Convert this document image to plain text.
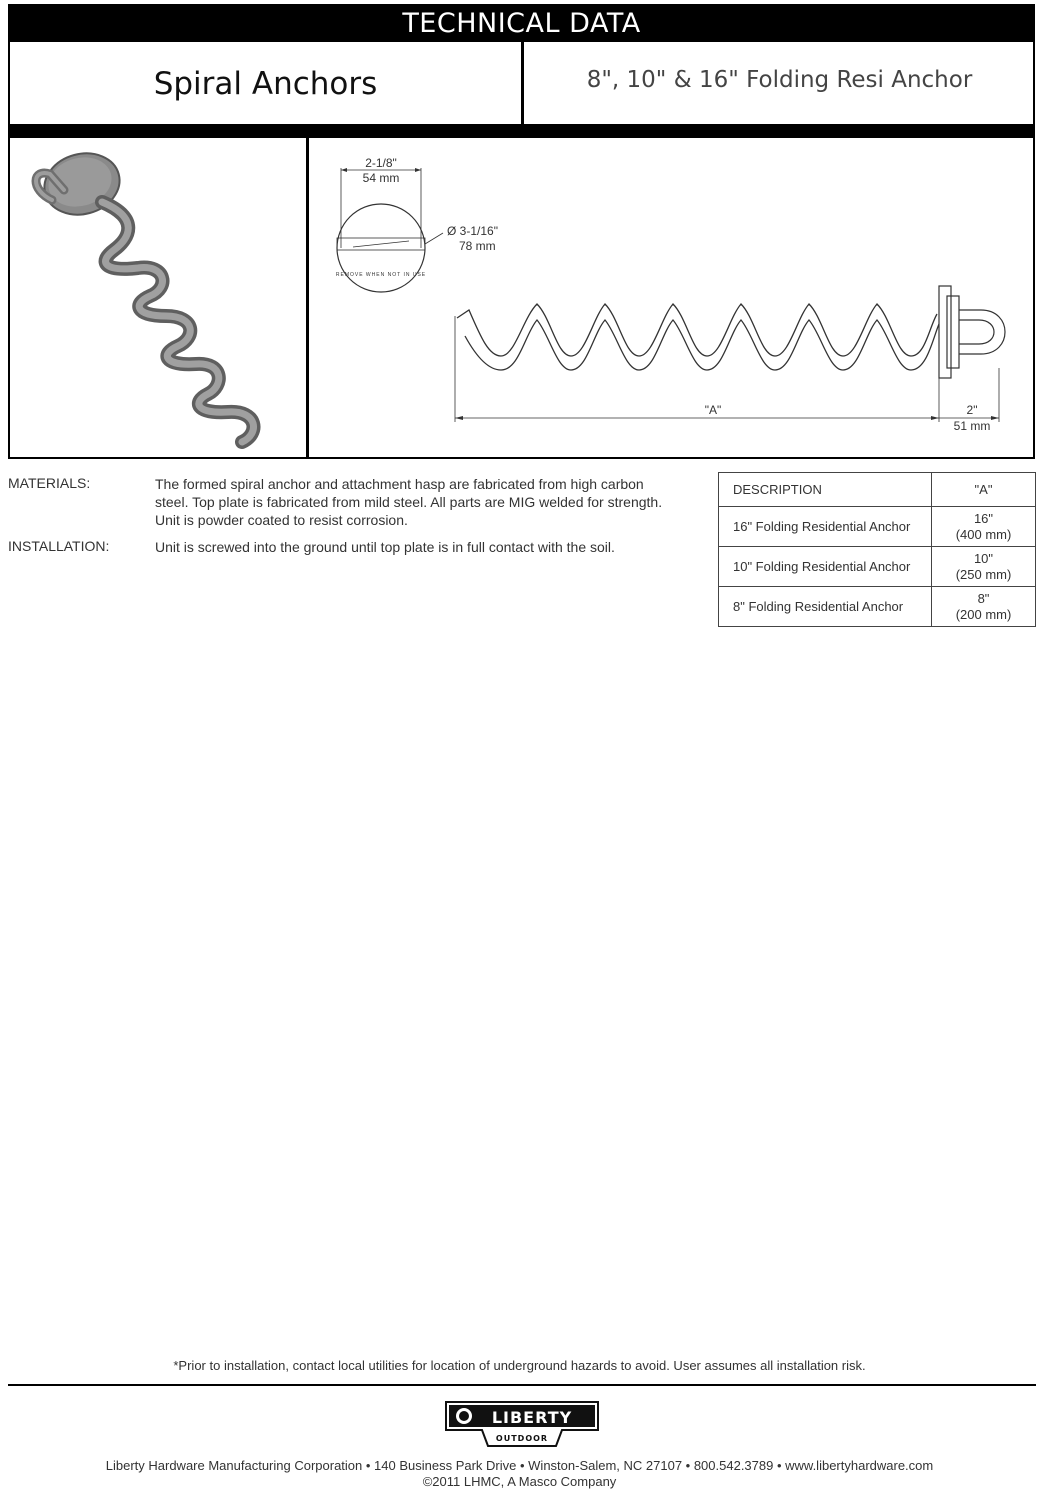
TECHNICAL DATA
Spiral Anchors	8", 10" & 16" Folding Resi Anchor
2-1/8"
54 mm
Ø 3-1/16"
78 mm
REMOVE WHEN NOT IN USE
"A"	2"
51 mm
MATERIALS:	The formed spiral anchor and attachment hasp are fabricated from high carbon
steel. Top plate is fabricated from mild steel. All parts are MIG welded for strength.
Unit is powder coated to resist corrosion.
INSTALLATION:	Unit is screwed into the ground until top plate is in full contact with the soil.
DESCRIPTION	"A"
16" Folding Residential Anchor	16"
(400 mm)

10" Folding Residential Anchor	10"
(250 mm)

8" Folding Residential Anchor	8"
(200 mm)
*Prior to installation, contact local utilities for location of underground hazards to avoid. User assumes all installation risk.
LIBERTY
OUTDOOR
Liberty Hardware Manufacturing Corporation • 140 Business Park Drive • Winston-Salem, NC 27107 • 800.542.3789 • www.libertyhardware.com
©2011 LHMC, A Masco Company
